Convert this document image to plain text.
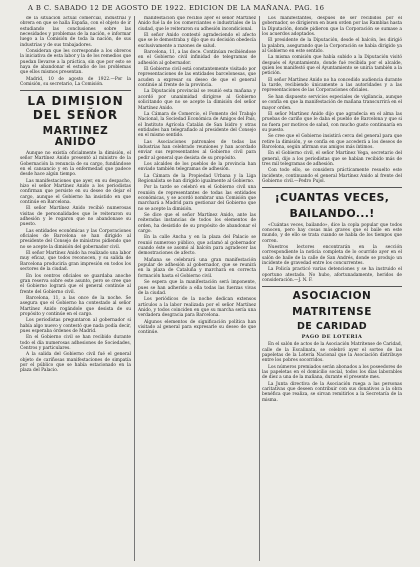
A B C. SABADO 12 DE AGOSTO DE 1922. EDICION DE LA MAÑANA. PAG. 16

de la situación actual comercial, industrial y obrera en que se halla España, con el objeto de ir estudiando las conclusiones sobre las necesidades y problemas de la nación, e informar luego a la Comisión de toda la nación, de sus industrias y de sus trabajadores.

Consideran que les corresponde a los obreros la iniciativa de esta labor y la de los remedios que puedan llevarse a la práctica, sin que por esto se haya de abandonar el estudio de los problemas que ellos mismos presentan.

Madrid, 10 de agosto de 1922.—Por la Comisión, su secretario, La Comisión.

LA DIMISION DEL SEÑOR
MARTINEZ ANIDO

Aunque no existía oficialmente la dimisión, el señor Martínez Anido presentó al ministro de la Gobernación la renuncia de su cargo, fundándose en el cansancio y en la enfermedad que padece desde hace algún tiempo.

Las manifestaciones que ayer, en su despacho, hizo el señor Martínez Anido a los periodistas confirman que persiste en su deseo de dejar el cargo, aunque el Gobierno ha insistido en que continúe en Barcelona.

El señor Martínez Anido recibió numerosas visitas de personalidades que le reiteraron su adhesión y le rogaron que no abandonase su puesto.

Las entidades económicas y las Corporaciones oficiales de Barcelona se han dirigido al presidente del Consejo de ministros pidiendo que no se acepte la dimisión del gobernador civil.

El señor Martínez Anido ha realizado una labor muy eficaz, que todos reconocen, y su salida de Barcelona produciría gran impresión en todos los sectores de la ciudad.

En los centros oficiales se guardaba anoche gran reserva sobre este asunto, pero se cree que el Gobierno logrará que el general continúe al frente del Gobierno civil.

Barcelona, 11, a las once de la noche. Se asegura que el Gobierno ha contestado al señor Martínez Anido rogándole que desista de su propósito y continúe en el cargo.

Los periodistas preguntaron al gobernador si había algo nuevo y contestó que nada podía decir, pues esperaba órdenes de Madrid.

En el Gobierno civil se han recibido durante todo el día numerosas adhesiones de Sociedades, Centros y particulares.

A la salida del Gobierno civil fué el general objeto de cariñosas manifestaciones de simpatía por el público que se había estacionado en la plaza del Palacio.

manifestación que recibió ayer el señor Martínez Anido fué la de los comerciantes e industriales de la ciudad, que le reiteraron su adhesión incondicional.

El señor Anido contestó agradeciendo el afecto que se le demostraba y dijo que su decisión obedecía exclusivamente a razones de salud.

Barcelona, 11, a las doce. Continúan recibiéndose en el Gobierno civil infinidad de telegramas de adhesión al gobernador.

El Gobierno civil está constantemente visitado por representaciones de las entidades barcelonesas, que acuden a expresar su deseo de que el general continúe al frente de la provincia.

La Diputación provincial se reunió esta mañana y acordó por unanimidad dirigirse al Gobierno solicitando que no se acepte la dimisión del señor Martínez Anido.

La Cámara de Comercio, el Fomento del Trabajo Nacional, la Sociedad Económica de Amigos del País, el Instituto Agrícola Catalán de San Isidro y otras entidades han telegrafiado al presidente del Consejo en el mismo sentido.

Las Asociaciones patronales de todas las industrias han celebrado reuniones y han acordado enviar sus representantes al Gobierno civil para pedir al general que desista de su propósito.

Los alcaldes de los pueblos de la provincia han enviado también telegramas de adhesión.

La Cámara de la Propiedad Urbana y la Liga Regionalista se han dirigido igualmente al Gobierno.

Por la tarde se celebró en el Gobierno civil una reunión de representantes de todas las entidades económicas, y se acordó nombrar una Comisión que marchará a Madrid para gestionar del Gobierno que no se acepte la dimisión.

Se dice que el señor Martínez Anido, ante las reiteradas instancias de todos los elementos de orden, ha desistido de su propósito de abandonar el cargo.

En la calle Ancha y en la plaza del Palacio se reunió numeroso público, que aclamó al gobernador cuando éste se asomó al balcón para agradecer las demostraciones de afecto.

Mañana se celebrará una gran manifestación popular de adhesión al gobernador, que se reunirá en la plaza de Cataluña y marchará en correcta formación hasta el Gobierno civil.

Se espera que la manifestación será imponente, pues se han adherido a ella todas las fuerzas vivas de la ciudad.

Los periódicos de la noche dedican extensos artículos a la labor realizada por el señor Martínez Anido, y todos coinciden en que su marcha sería una verdadera desgracia para Barcelona.

Algunos elementos de significación política han visitado al general para expresarle su deseo de que continúe.

Los manifestantes, después de ser recibidos por el gobernador, se dirigieron en buen orden por las Ramblas hasta la Diputación, donde pidieron que la Corporación se sumase a los acuerdos adoptados.

El presidente de la Diputación, desde el balcón, les dirigió la palabra, asegurando que la Corporación se había dirigido ya al Gobierno en este sentido.

La misma comisión que había subido a la Diputación visitó después el Ayuntamiento, donde fué recibida por el alcalde, quien les manifestó que el Ayuntamiento se uniría también a la petición.

El señor Martínez Anido no ha concedido audiencia durante la tarde, recibiendo únicamente a las autoridades y a las representaciones de las Corporaciones oficiales.

Se han dispuesto servicios especiales de vigilancia, aunque se confía en que la manifestación de mañana transcurrirá en el mayor orden.

El señor Martínez Anido dijo que agradecía en el alma las pruebas de cariño que le daba el pueblo de Barcelona y que si no fuera por motivos de salud, con mucho gusto continuaría en su puesto.

Se cree que el Gobierno insistirá cerca del general para que retire la dimisión, y se confía en que accederá a los deseos de Barcelona, según afirman sus amigos más íntimos.

En el Gobierno civil, el señor Martínez Vega, secretario del general, dijo a los periodistas que se habían recibido más de tres mil telegramas de adhesión.

Con todo ello, se considera prácticamente resuelto este incidente, continuando el general Martínez Anido al frente del Gobierno civil.—Pedro Pujol.

¡CUANTAS VECES,
BAILANDO...!

«Cuántas veces, bailando», dice la copla popular que todos conocen, pero hay cosas más graves que el baile en este mundo, y de ello se trata cuando se habla de los tiempos que corren.

Nuestros lectores encontrarán en la sección correspondiente la noticia completa de lo ocurrido ayer en el salón de baile de la calle de San Andrés, donde se produjo un incidente de gravedad entre los concurrentes.

La Policía practicó varias detenciones y se ha instruido el oportuno atestado. No hubo, afortunadamente, heridos de consideración.—J. N. F.

ASOCIACION
MATRITENSE
DE CARIDAD
PAGO DE LOTERIA

En el salón de actos de la Asociación Matritense de Caridad, calle de la Escalinata, se celebró ayer el sorteo de las papeletas de la Lotería Nacional que la Asociación distribuye entre los pobres socorridos.

Los números premiados serán abonados a los poseedores de las papeletas en el domicilio social, todos los días laborables de diez a una de la mañana, durante el presente mes.

La Junta directiva de la Asociación ruega a las personas caritativas que deseen contribuir con sus donativos a la obra benéfica que realiza, se sirvan remitirlos a la Secretaría de la misma.
